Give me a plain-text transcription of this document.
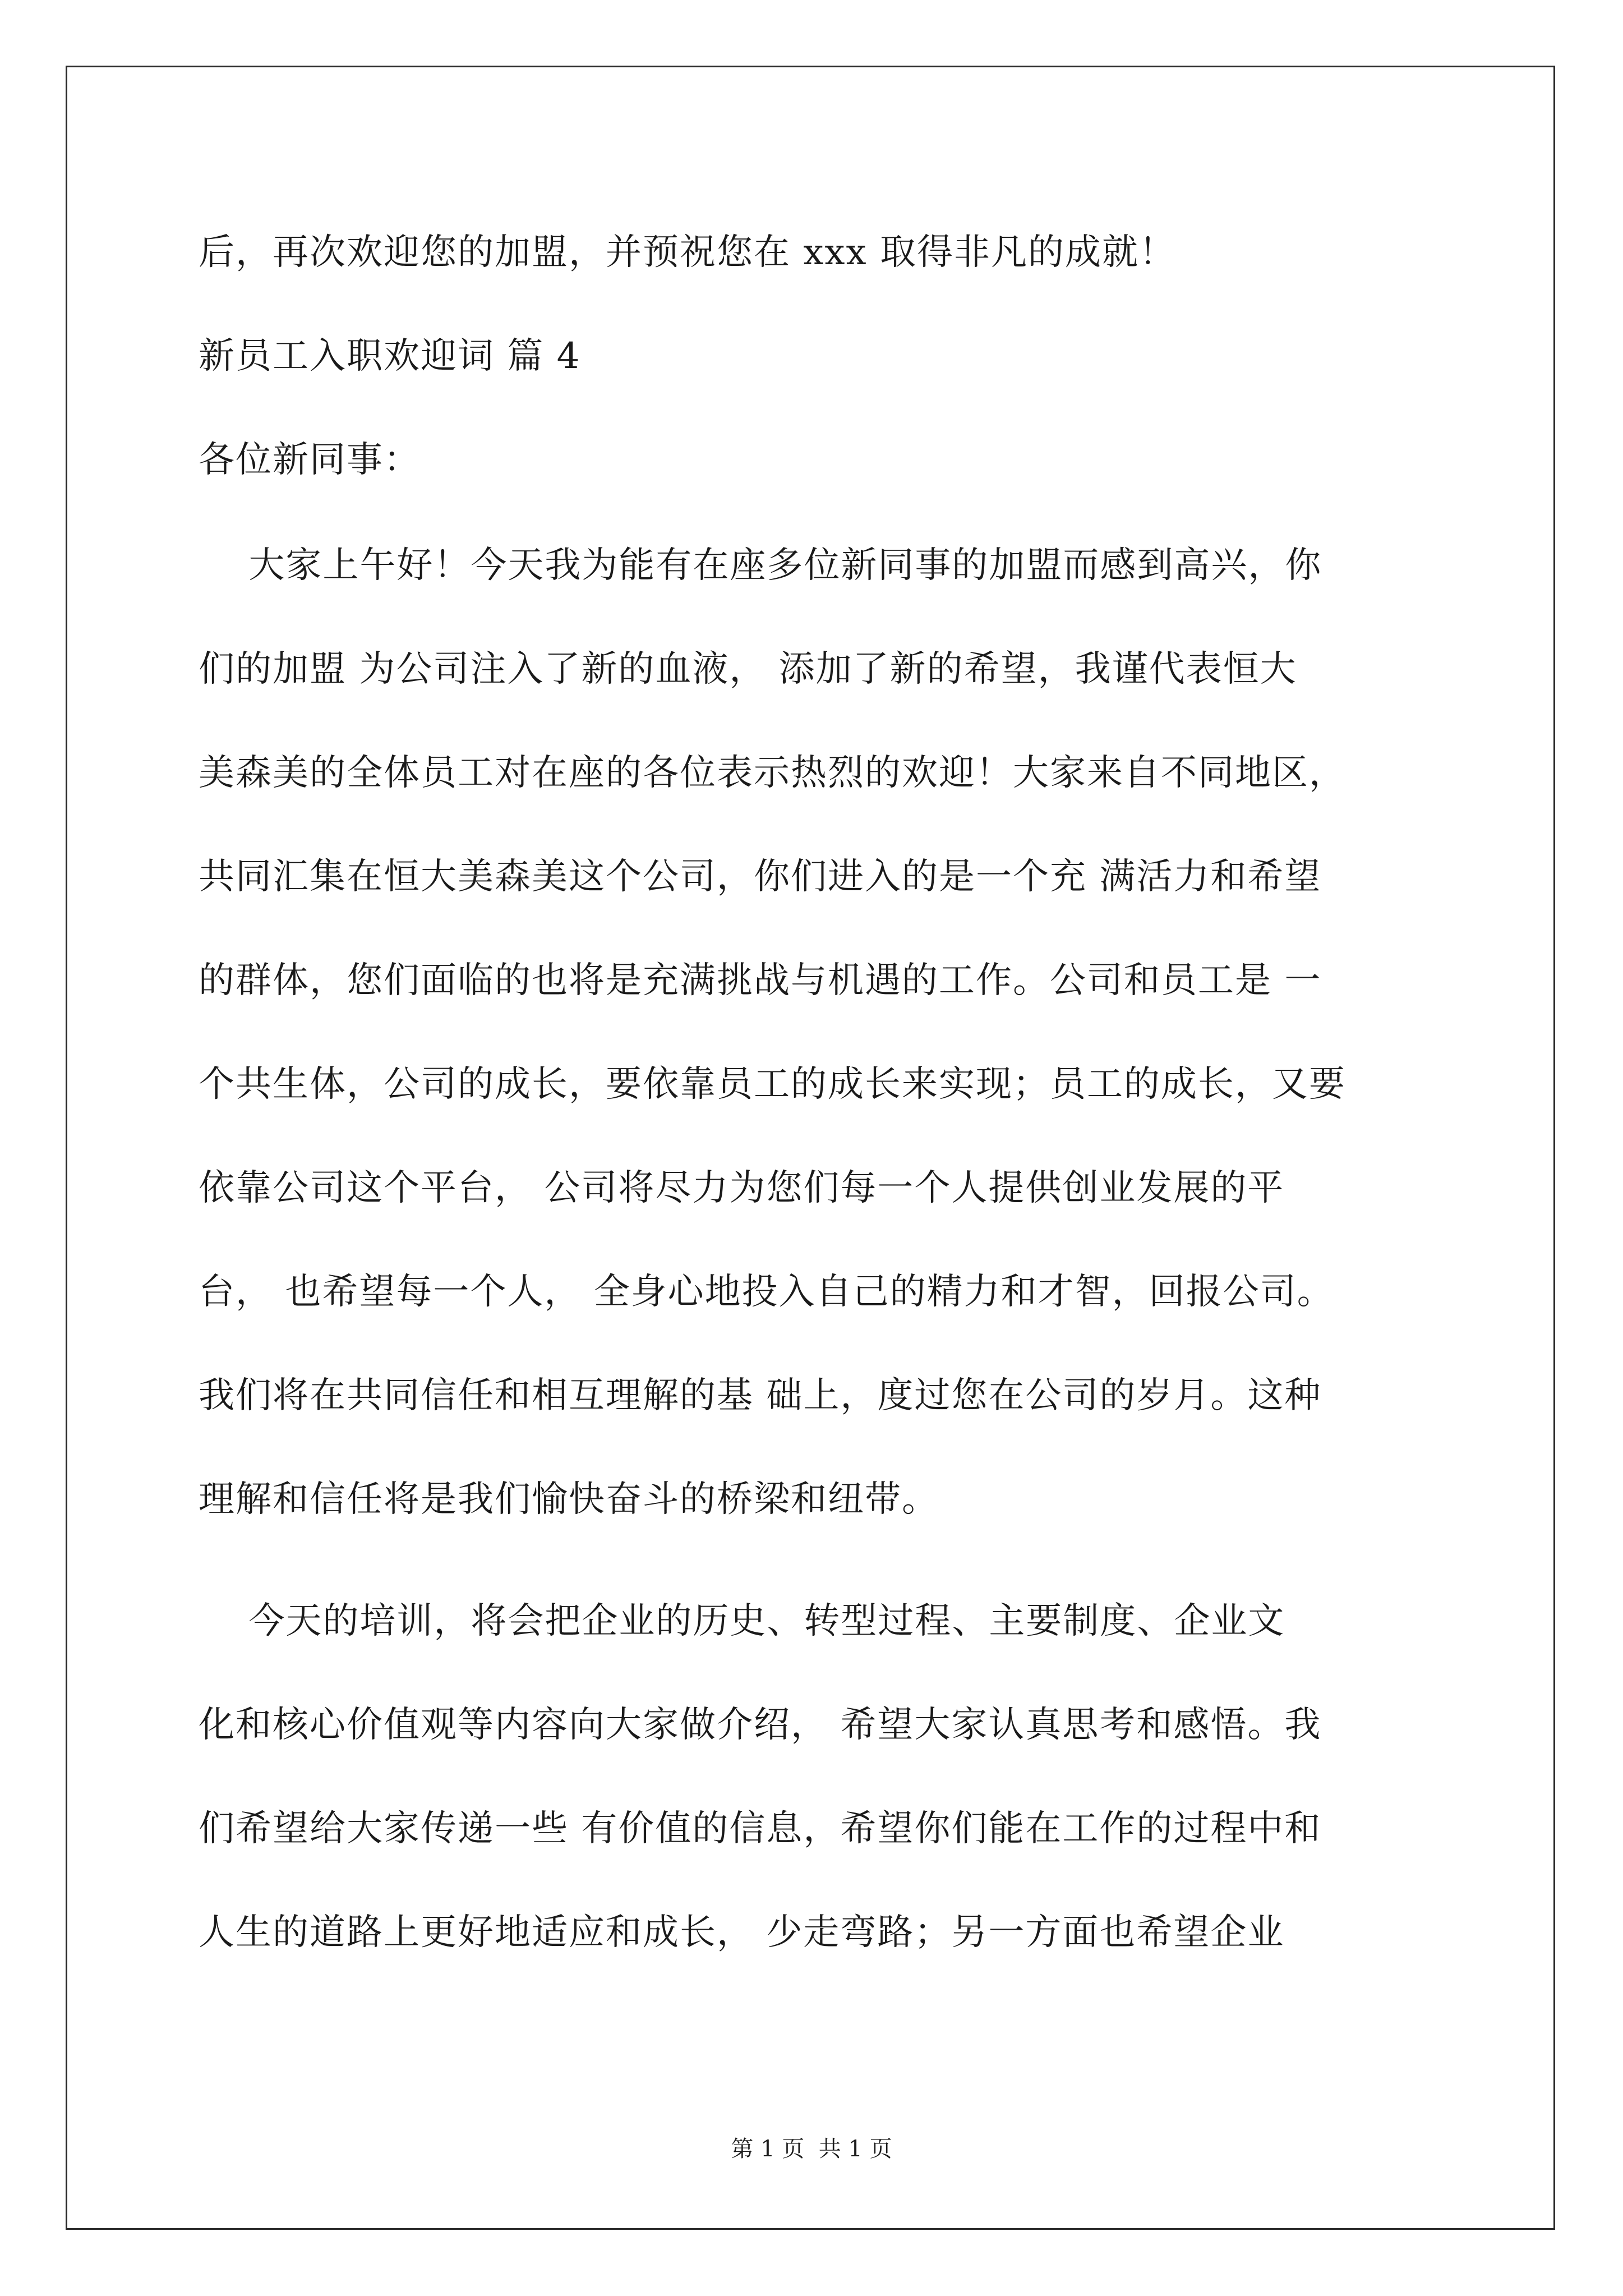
后，再次欢迎您的加盟，并预祝您在 xxx 取得非凡的成就！
新员工入职欢迎词 篇 4
各位新同事：
大家上午好！今天我为能有在座多位新同事的加盟而感到高兴，你
们的加盟 为公司注入了新的血液， 添加了新的希望，我谨代表恒大
美森美的全体员工对在座的各位表示热烈的欢迎！大家来自不同地区，
共同汇集在恒大美森美这个公司，你们进入的是一个充 满活力和希望
的群体，您们面临的也将是充满挑战与机遇的工作。公司和员工是 一
个共生体，公司的成长，要依靠员工的成长来实现；员工的成长，又要
依靠公司这个平台， 公司将尽力为您们每一个人提供创业发展的平
台， 也希望每一个人， 全身心地投入自己的精力和才智，回报公司。
我们将在共同信任和相互理解的基 础上，度过您在公司的岁月。这种
理解和信任将是我们愉快奋斗的桥梁和纽带。
今天的培训，将会把企业的历史、转型过程、主要制度、企业文
化和核心价值观等内容向大家做介绍， 希望大家认真思考和感悟。我
们希望给大家传递一些 有价值的信息，希望你们能在工作的过程中和
人生的道路上更好地适应和成长， 少走弯路；另一方面也希望企业
第 1 页  共 1 页
